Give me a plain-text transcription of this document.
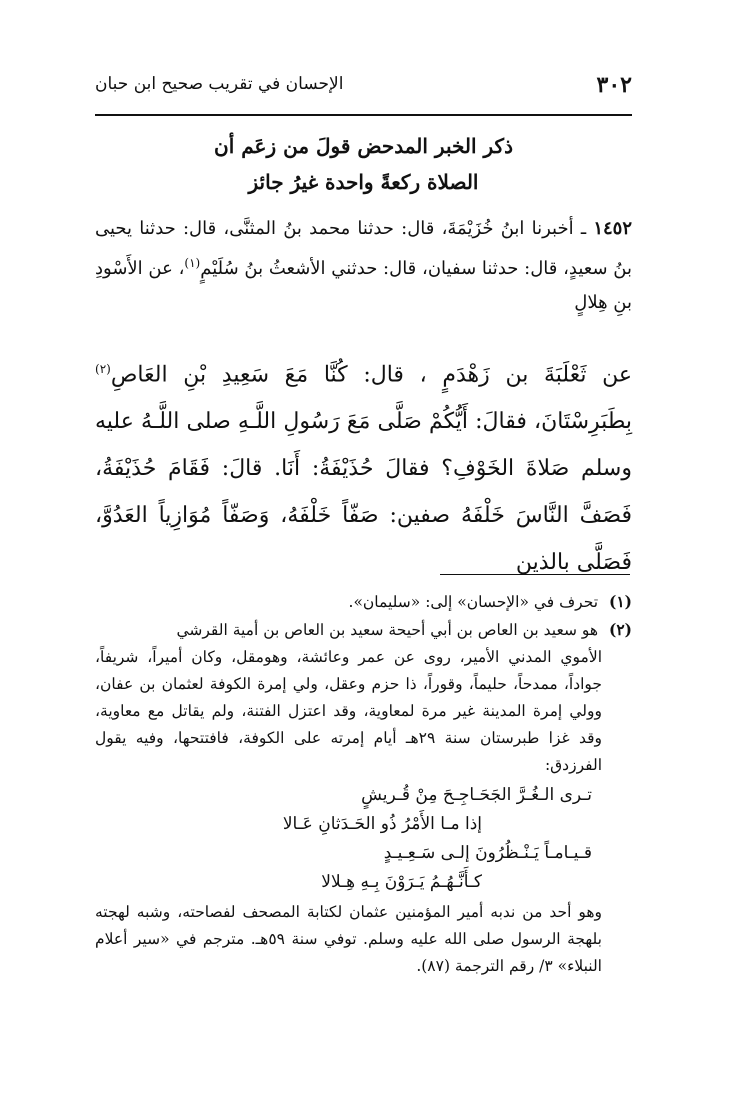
٣٠٢
الإحسان في تقريب صحيح ابن حبان
ذكر الخبر المدحض قولَ من زعَم أن
الصلاة ركعةً واحدة غيرُ جائز
١٤٥٢ ـ أخبرنا ابنُ خُزَيْمَةَ، قال: حدثنا محمد بنُ المثنَّى، قال: حدثنا يحيى بنُ سعيدٍ، قال: حدثنا سفيان، قال: حدثني الأشعثُ بنُ سُلَيْمٍ$^{(١)}$، عن الأَسْودِ بنِ هِلالٍ
عن ثَعْلَبَةَ بن زَهْدَمٍ ، قال: كُنَّا مَعَ سَعِيدِ بْنِ العَاصِ$^{(٢)}$ بِطَبَرِسْتَانَ، فقالَ: أَيُّكُمْ صَلَّى مَعَ رَسُولِ اللَّـهِ صلى اللَّـهُ عليه وسلم صَلاةَ الخَوْفِ؟ فقالَ حُذَيْفَةُ: أَنَا. قالَ: فَقَامَ حُذَيْفَةُ، فَصَفَّ النَّاسَ خَلْفَهُ صفين: صَفّاً خَلْفَهُ، وَصَفّاً مُوَازِياً العَدُوَّ، فَصَلَّى بالذين

(١) تحرف في «الإحسان» إلى: «سليمان».

(٢) هو سعيد بن العاص بن أبي أحيحة سعيد بن العاص بن أمية القرشي

الأموي المدني الأمير، روى عن عمر وعائشة، وهومقل، وكان أميراً، شريفاً، جواداً، ممدحاً، حليماً، وقوراً، ذا حزم وعقل، ولي إمرة الكوفة لعثمان بن عفان، وولي إمرة المدينة غير مرة لمعاوية، وقد اعتزل الفتنة، ولم يقاتل مع معاوية، وقد غزا طبرستان سنة ٢٩هـ أيام إمرته على الكوفة، فافتتحها، وفيه يقول الفرزدق:
تـرى الـغُـرَّ الجَحَـاجِـحَ مِنْ قُـريشٍ
إذا مـا الأَمْرُ ذُو الحَـدَثانِ عَـالا
قـيـامـاً يَـنْـظُرُونَ إلـى سَـعِـيـدٍ
كـأَنَّـهُـمُ يَـرَوْنَ بِـهِ هِـلالا
وهو أحد من ندبه أمير المؤمنين عثمان لكتابة المصحف لفصاحته، وشبه لهجته بلهجة الرسول صلى الله عليه وسلم. توفي سنة ٥٩هـ. مترجم في «سير أعلام النبلاء» ٣/ رقم الترجمة (٨٧).
